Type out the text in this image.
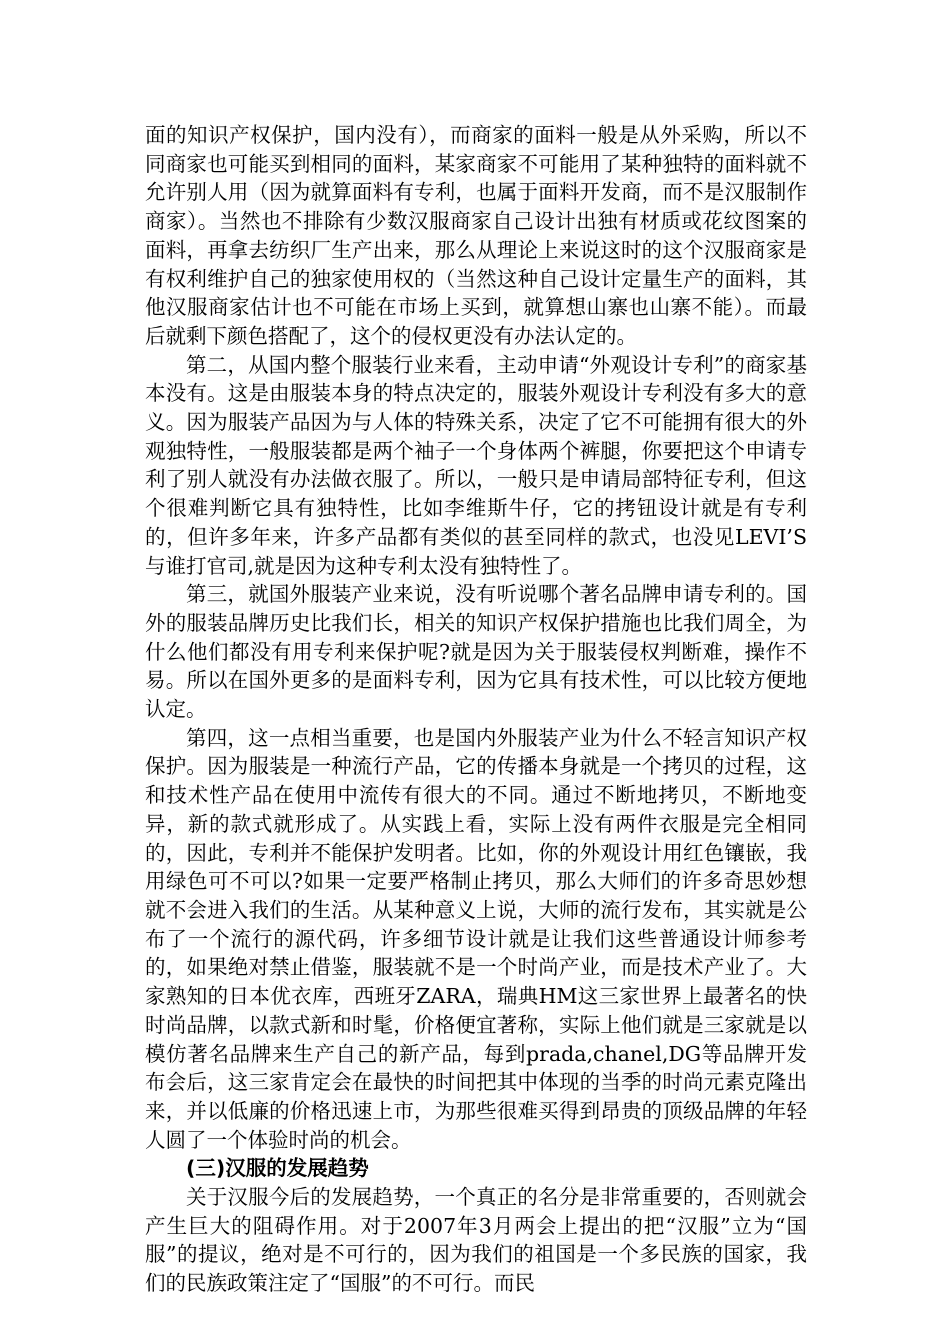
面的知识产权保护，国内没有），而商家的面料一般是从外采购，所以不同商家也可能买到相同的面料，某家商家不可能用了某种独特的面料就不允许别人用（因为就算面料有专利，也属于面料开发商，而不是汉服制作商家）。当然也不排除有少数汉服商家自己设计出独有材质或花纹图案的面料，再拿去纺织厂生产出来，那么从理论上来说这时的这个汉服商家是有权利维护自己的独家使用权的（当然这种自己设计定量生产的面料，其他汉服商家估计也不可能在市场上买到，就算想山寨也山寨不能）。而最后就剩下颜色搭配了，这个的侵权更没有办法认定的。

第二，从国内整个服装行业来看，主动申请“外观设计专利”的商家基本没有。这是由服装本身的特点决定的，服装外观设计专利没有多大的意义。因为服装产品因为与人体的特殊关系，决定了它不可能拥有很大的外观独特性，一般服装都是两个袖子一个身体两个裤腿，你要把这个申请专利了别人就没有办法做衣服了。所以，一般只是申请局部特征专利，但这个很难判断它具有独特性，比如李维斯牛仔，它的拷钮设计就是有专利的，但许多年来，许多产品都有类似的甚至同样的款式，也没见LEVI’S与谁打官司,就是因为这种专利太没有独特性了。

第三，就国外服装产业来说，没有听说哪个著名品牌申请专利的。国外的服装品牌历史比我们长，相关的知识产权保护措施也比我们周全，为什么他们都没有用专利来保护呢?就是因为关于服装侵权判断难，操作不易。所以在国外更多的是面料专利，因为它具有技术性，可以比较方便地认定。

第四，这一点相当重要，也是国内外服装产业为什么不轻言知识产权保护。因为服装是一种流行产品，它的传播本身就是一个拷贝的过程，这和技术性产品在使用中流传有很大的不同。通过不断地拷贝，不断地变异，新的款式就形成了。从实践上看，实际上没有两件衣服是完全相同的，因此，专利并不能保护发明者。比如，你的外观设计用红色镶嵌，我用绿色可不可以?如果一定要严格制止拷贝，那么大师们的许多奇思妙想就不会进入我们的生活。从某种意义上说，大师的流行发布，其实就是公布了一个流行的源代码，许多细节设计就是让我们这些普通设计师参考的，如果绝对禁止借鉴，服装就不是一个时尚产业，而是技术产业了。大家熟知的日本优衣库，西班牙ZARA，瑞典HM这三家世界上最著名的快时尚品牌，以款式新和时髦，价格便宜著称，实际上他们就是三家就是以模仿著名品牌来生产自己的新产品，每到prada,chanel,DG等品牌开发布会后，这三家肯定会在最快的时间把其中体现的当季的时尚元素克隆出来，并以低廉的价格迅速上市，为那些很难买得到昂贵的顶级品牌的年轻人圆了一个体验时尚的机会。

(三)汉服的发展趋势

关于汉服今后的发展趋势，一个真正的名分是非常重要的，否则就会产生巨大的阻碍作用。对于2007年3月两会上提出的把“汉服”立为“国服”的提议，绝对是不可行的，因为我们的祖国是一个多民族的国家，我们的民族政策注定了“国服”的不可行。而民
